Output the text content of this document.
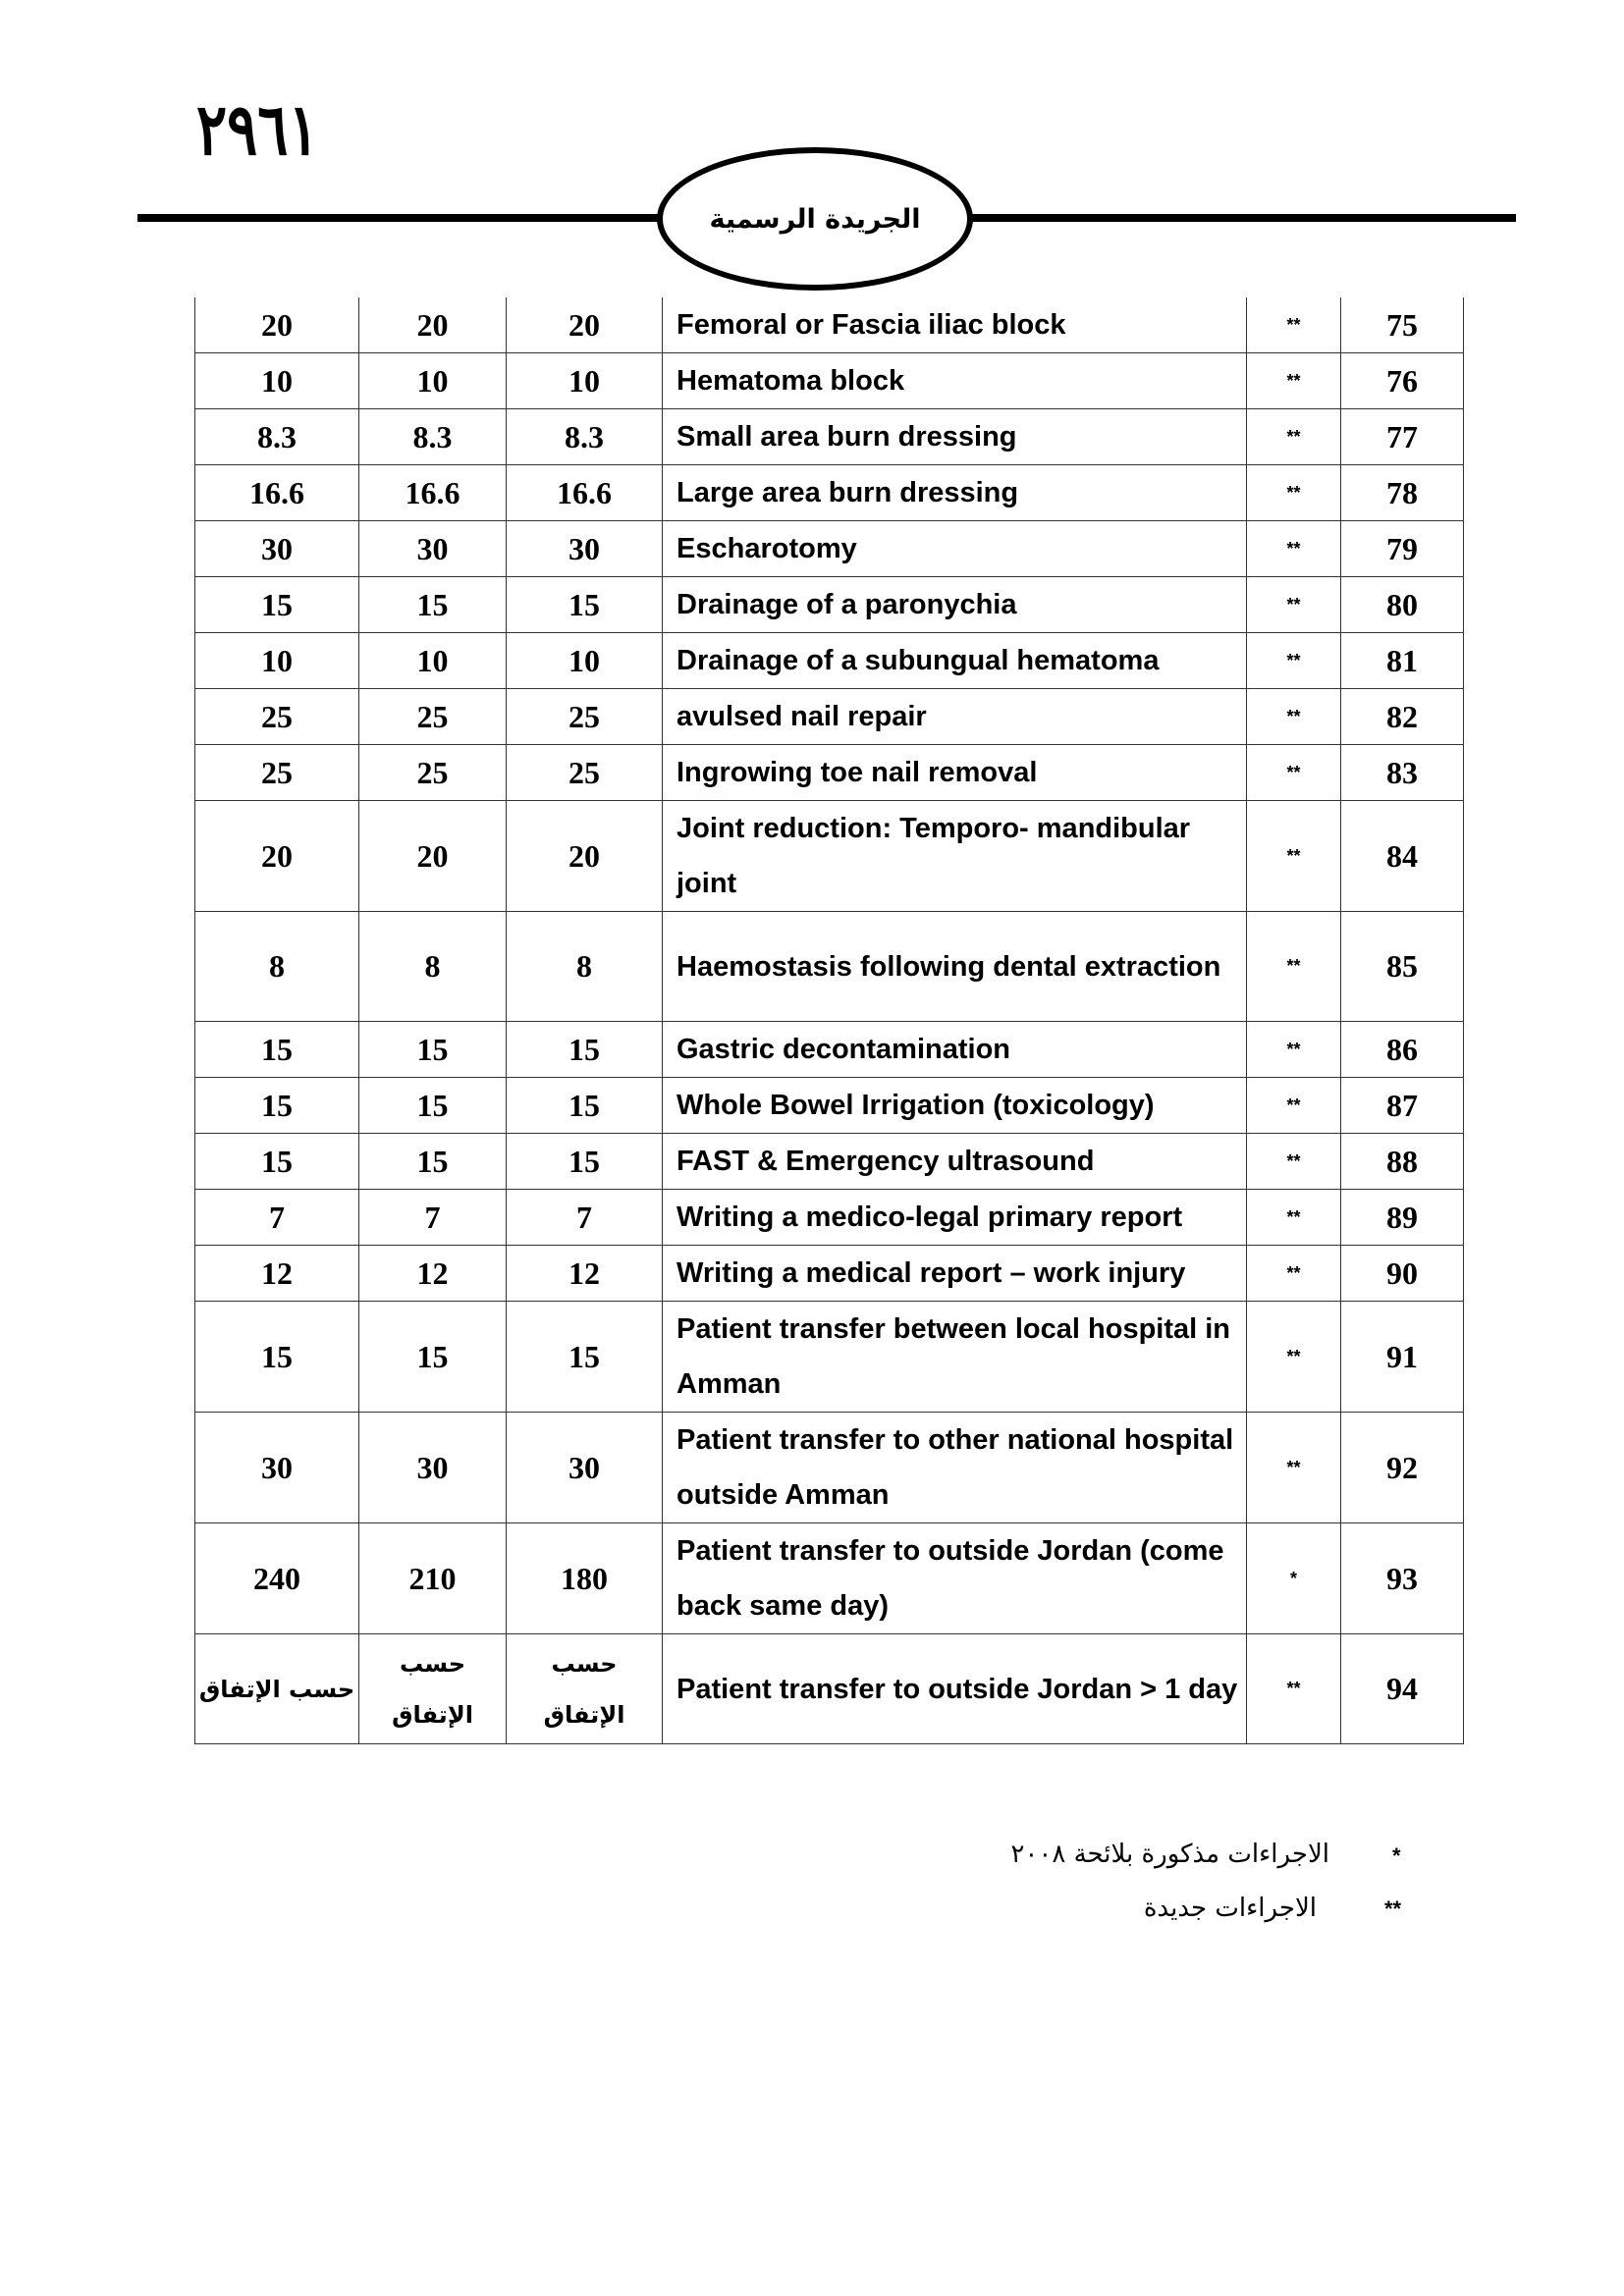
٢٩٦١
الجريدة الرسمية
20	20	20	Femoral or Fascia iliac block	**	75
10	10	10	Hematoma block	**	76
8.3	8.3	8.3	Small area burn dressing	**	77
16.6	16.6	16.6	Large area burn dressing	**	78
30	30	30	Escharotomy	**	79
15	15	15	Drainage of a paronychia	**	80
10	10	10	Drainage of a subungual hematoma	**	81
25	25	25	avulsed nail repair	**	82
25	25	25	Ingrowing toe nail removal	**	83
20	20	20	Joint reduction: Temporo- mandibular joint	**	84
8	8	8	Haemostasis following dental extraction	**	85
15	15	15	Gastric decontamination	**	86
15	15	15	Whole Bowel Irrigation (toxicology)	**	87
15	15	15	FAST & Emergency ultrasound	**	88
7	7	7	Writing a medico-legal primary report	**	89
12	12	12	Writing a medical report – work injury	**	90
15	15	15	Patient transfer between local hospital in Amman	**	91
30	30	30	Patient transfer to other national hospital outside Amman	**	92
240	210	180	Patient transfer to outside Jordan (come back same day)	*	93
حسب الإتفاق	حسب الإتفاق	حسب الإتفاق	Patient transfer to outside Jordan > 1 day	**	94
*
الاجراءات مذكورة بلائحة ٢٠٠٨
**
الاجراءات جديدة
